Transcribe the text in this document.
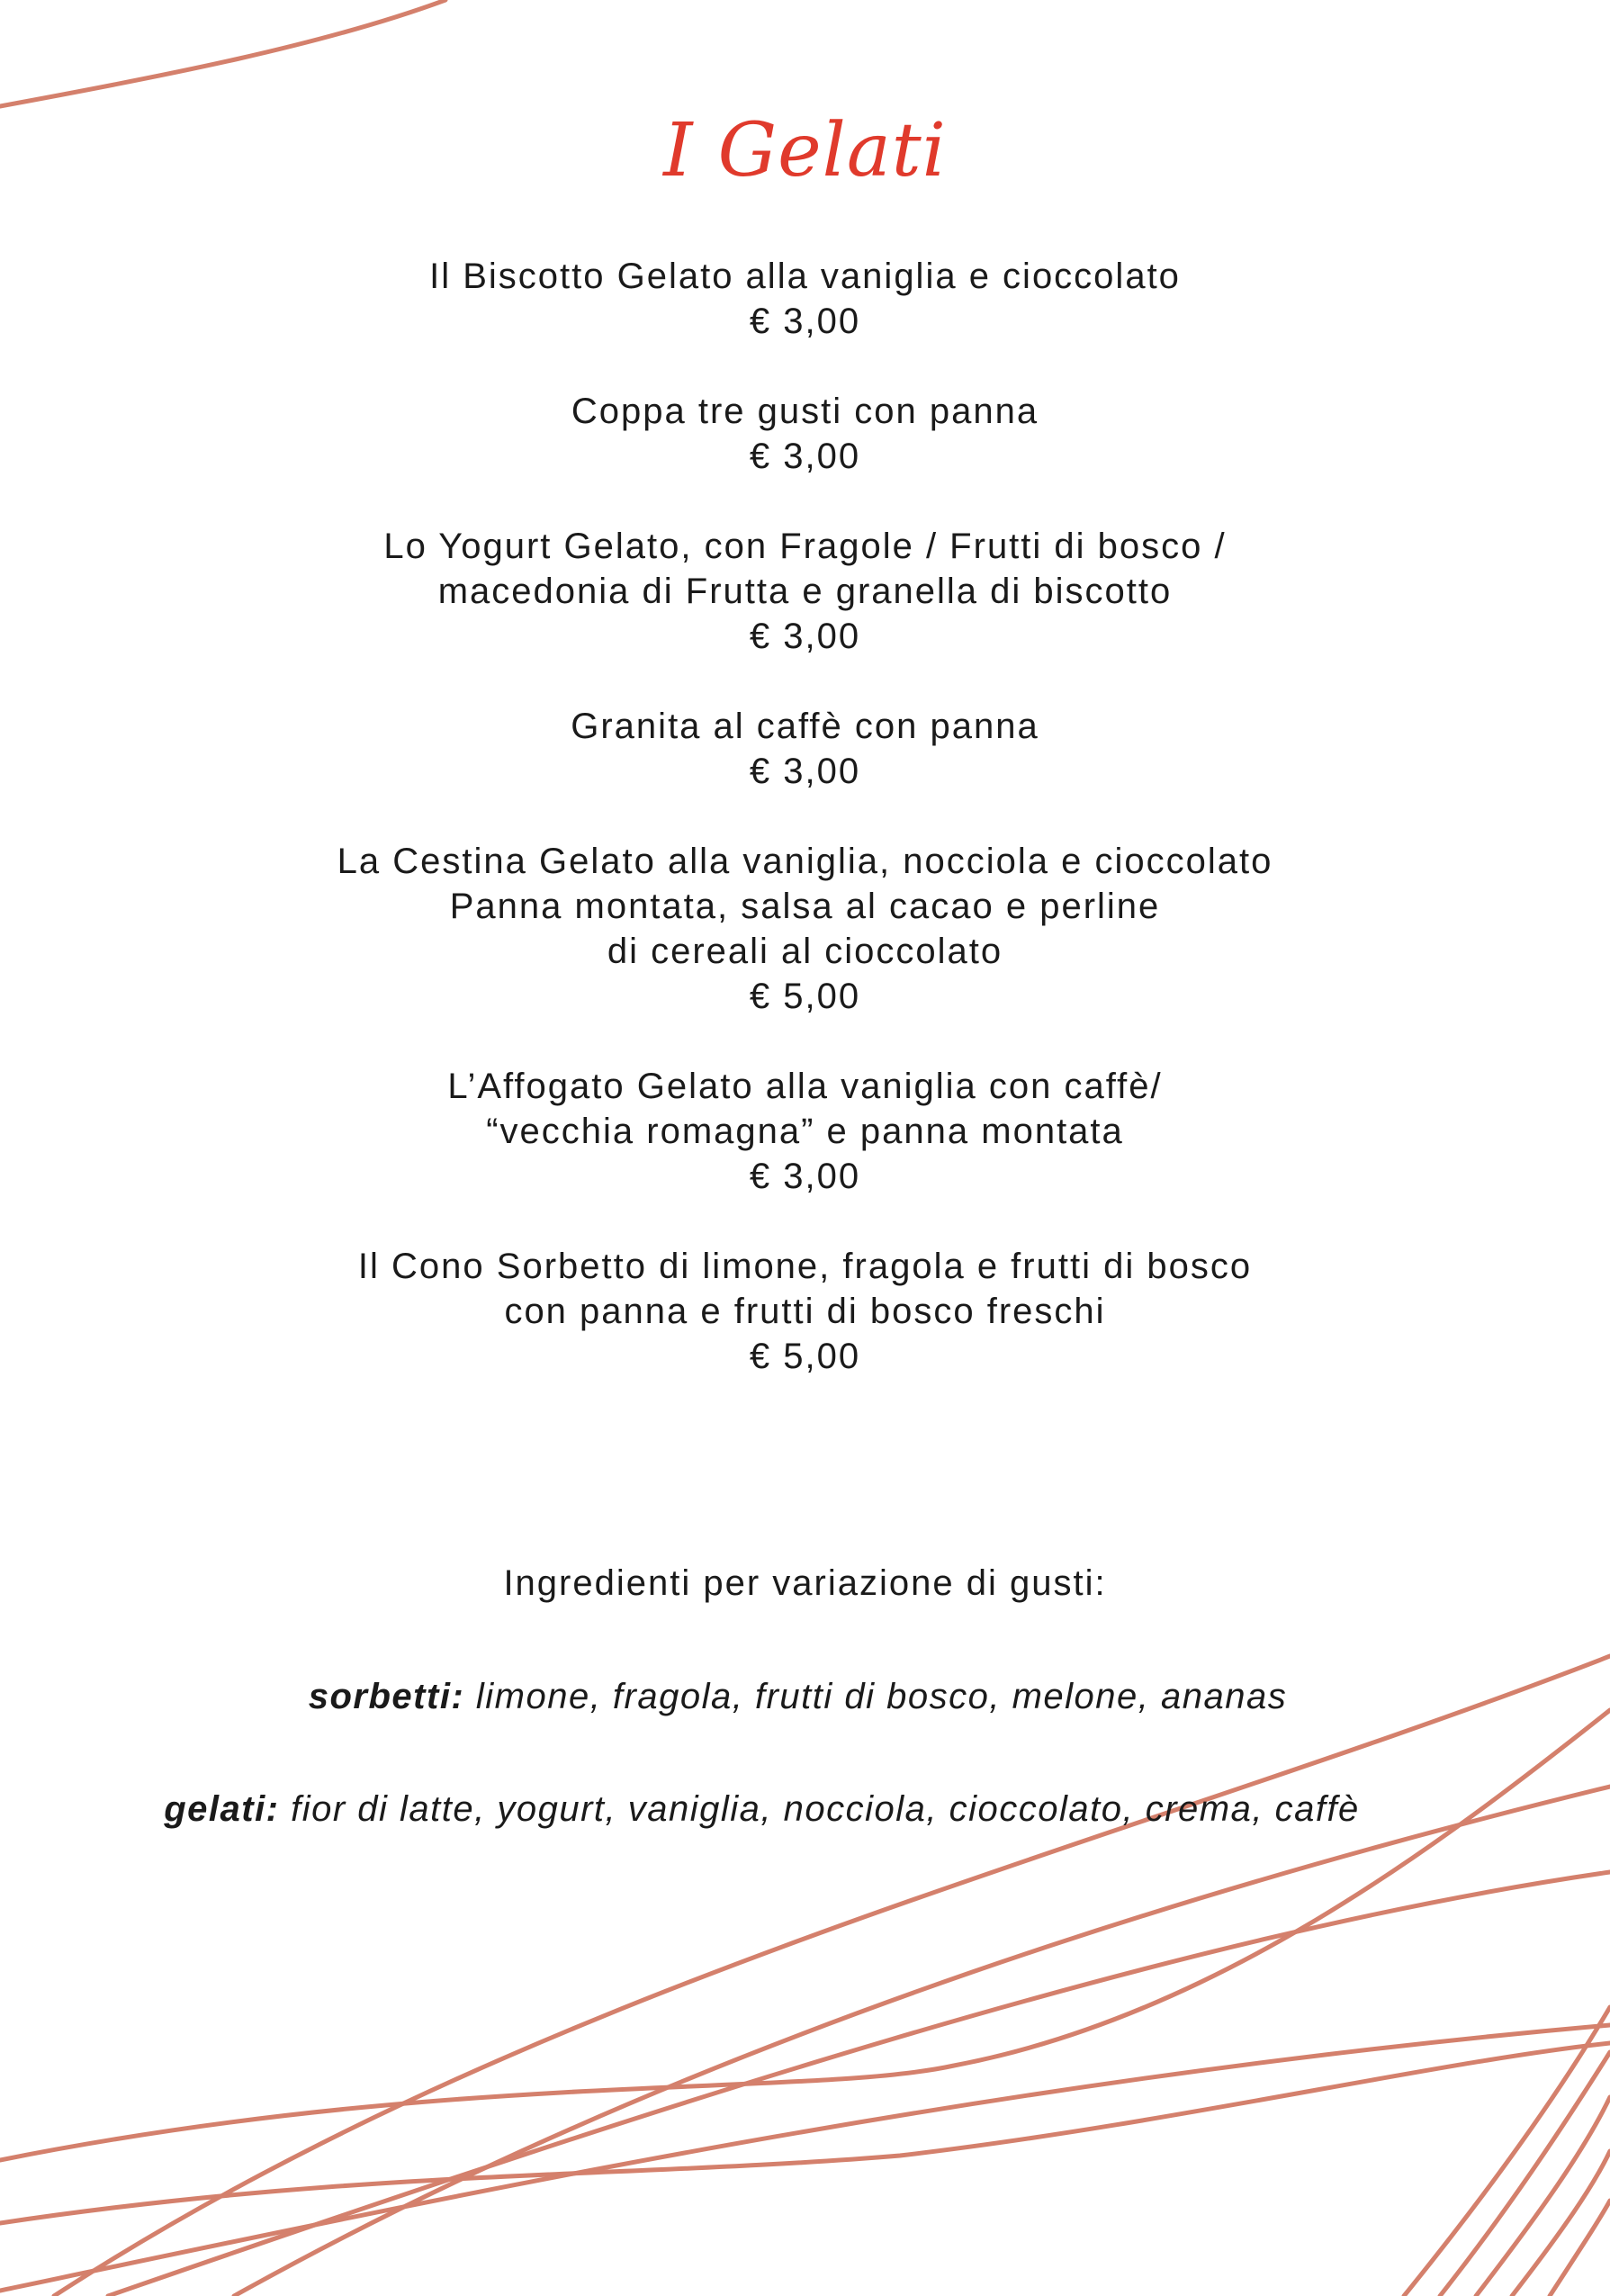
I Gelati
Il Biscotto Gelato alla vaniglia e cioccolato
€ 3,00
Coppa tre gusti con panna
€ 3,00
Lo Yogurt Gelato, con Fragole / Frutti di bosco /
macedonia di Frutta e granella di biscotto
€ 3,00
Granita al caffè con panna
€ 3,00
La Cestina Gelato alla vaniglia, nocciola e cioccolato
Panna montata, salsa al cacao e perline
di cereali al cioccolato
€ 5,00
L’Affogato Gelato alla vaniglia con caffè/
“vecchia romagna” e panna montata
€ 3,00
Il Cono Sorbetto di limone, fragola e frutti di bosco
con panna e frutti di bosco freschi
€ 5,00
Ingredienti per variazione di gusti:
sorbetti: limone, fragola, frutti di bosco, melone, ananas
gelati: fior di latte, yogurt, vaniglia, nocciola, cioccolato, crema, caffè
